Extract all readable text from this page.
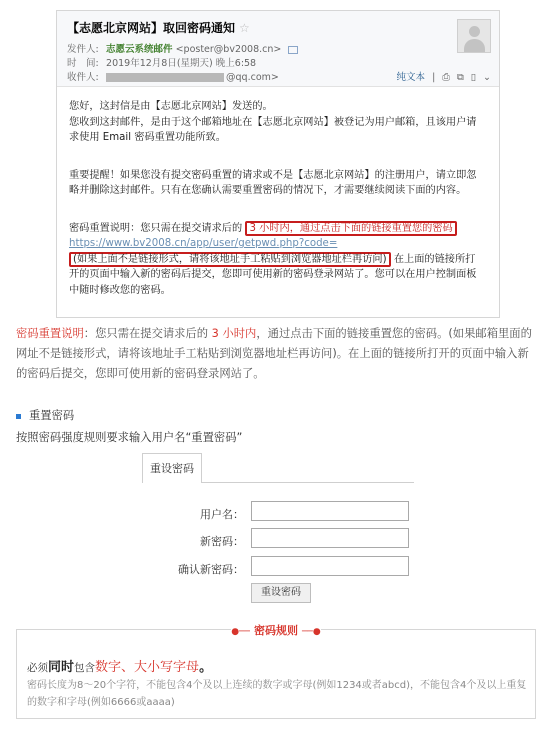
【志愿北京网站】取回密码通知 ☆
发件人: 志愿云系统邮件 <poster@bv2008.cn>
时　间: 2019年12月8日(星期天) 晚上6:58
收件人:	@qq.com>	纯文本 | ⎙ ⧉ ▯ ⌄

您好，这封信是由【志愿北京网站】发送的。
您收到这封邮件，是由于这个邮箱地址在【志愿北京网站】被登记为用户邮箱，且该用户请
求使用 Email 密码重置功能所致。

重要提醒！如果您没有提交密码重置的请求或不是【志愿北京网站】的注册用户，请立即忽
略并删除这封邮件。只有在您确认需要重置密码的情况下，才需要继续阅读下面的内容。

密码重置说明：您只需在提交请求后的 3 小时内，通过点击下面的链接重置您的密码
https://www.bv2008.cn/app/user/getpwd.php?code=
(如果上面不是链接形式，请将该地址手工粘贴到浏览器地址栏再访问) 在上面的链接所打
开的页面中输入新的密码后提交，您即可使用新的密码登录网站了。您可以在用户控制面板
中随时修改您的密码。

密码重置说明：您只需在提交请求后的 3 小时内，通过点击下面的链接重置您的密码。(如果邮箱里面的网址不是链接形式，请将该地址手工粘贴到浏览器地址栏再访问)。在上面的链接所打开的页面中输入新的密码后提交，您即可使用新的密码登录网站了。
重置密码
按照密码强度规则要求输入用户名“重置密码”
重设密码
用户名：
新密码：
确认新密码：
重设密码
●── 密码规则 ──●
必须同时包含数字、大小写字母。
密码长度为8～20个字符，不能包含4个及以上连续的数字或字母(例如1234或者abcd)，不能包含4个及以上重复的数字和字母(例如6666或aaaa)
